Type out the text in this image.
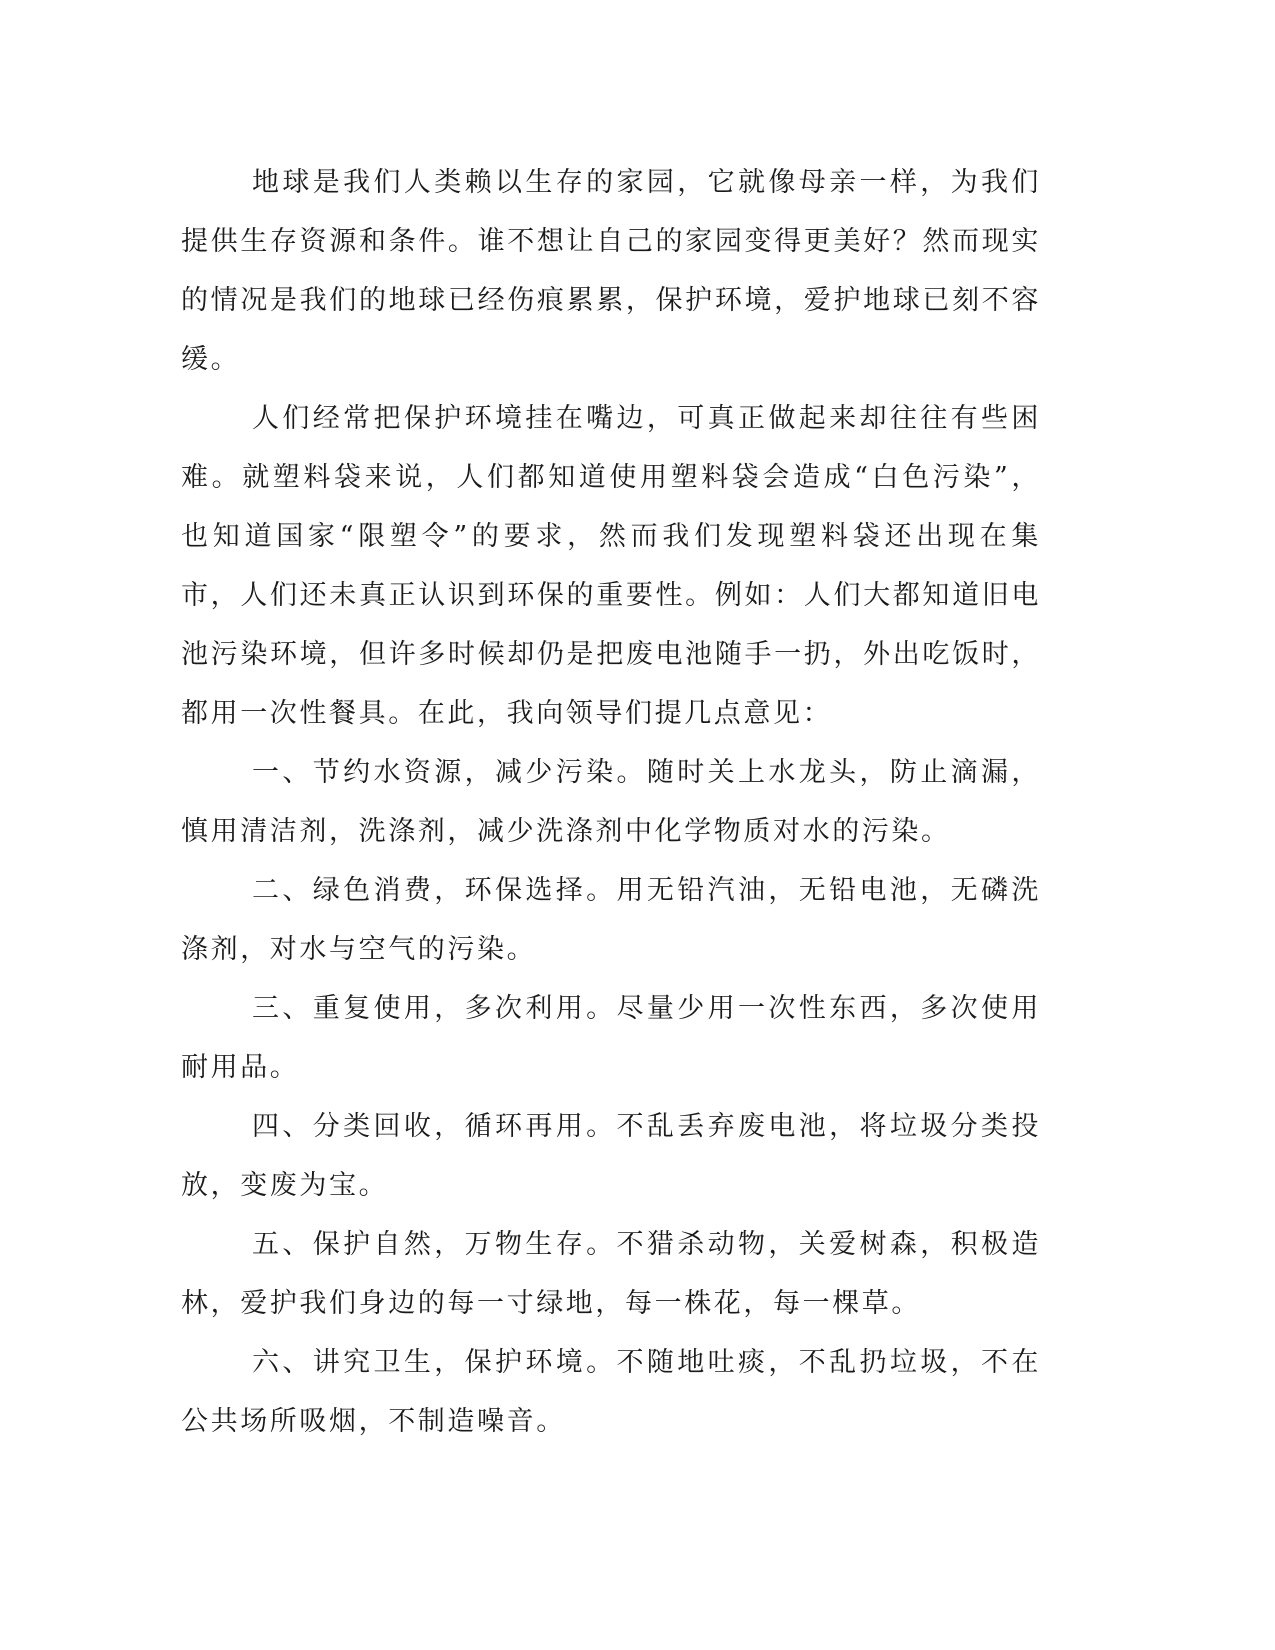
地球是我们人类赖以生存的家园，它就像母亲一样，为我们提供生存资源和条件。谁不想让自己的家园变得更美好？然而现实的情况是我们的地球已经伤痕累累，保护环境，爱护地球已刻不容缓。

人们经常把保护环境挂在嘴边，可真正做起来却往往有些困难。就塑料袋来说，人们都知道使用塑料袋会造成“白色污染”，也知道国家“限塑令”的要求，然而我们发现塑料袋还出现在集市，人们还未真正认识到环保的重要性。例如：人们大都知道旧电池污染环境，但许多时候却仍是把废电池随手一扔，外出吃饭时，都用一次性餐具。在此，我向领导们提几点意见：

一、节约水资源，减少污染。随时关上水龙头，防止滴漏，慎用清洁剂，洗涤剂，减少洗涤剂中化学物质对水的污染。

二、绿色消费，环保选择。用无铅汽油，无铅电池，无磷洗涤剂，对水与空气的污染。

三、重复使用，多次利用。尽量少用一次性东西，多次使用耐用品。

四、分类回收，循环再用。不乱丢弃废电池，将垃圾分类投放，变废为宝。

五、保护自然，万物生存。不猎杀动物，关爱树森，积极造林，爱护我们身边的每一寸绿地，每一株花，每一棵草。

六、讲究卫生，保护环境。不随地吐痰，不乱扔垃圾，不在公共场所吸烟，不制造噪音。
